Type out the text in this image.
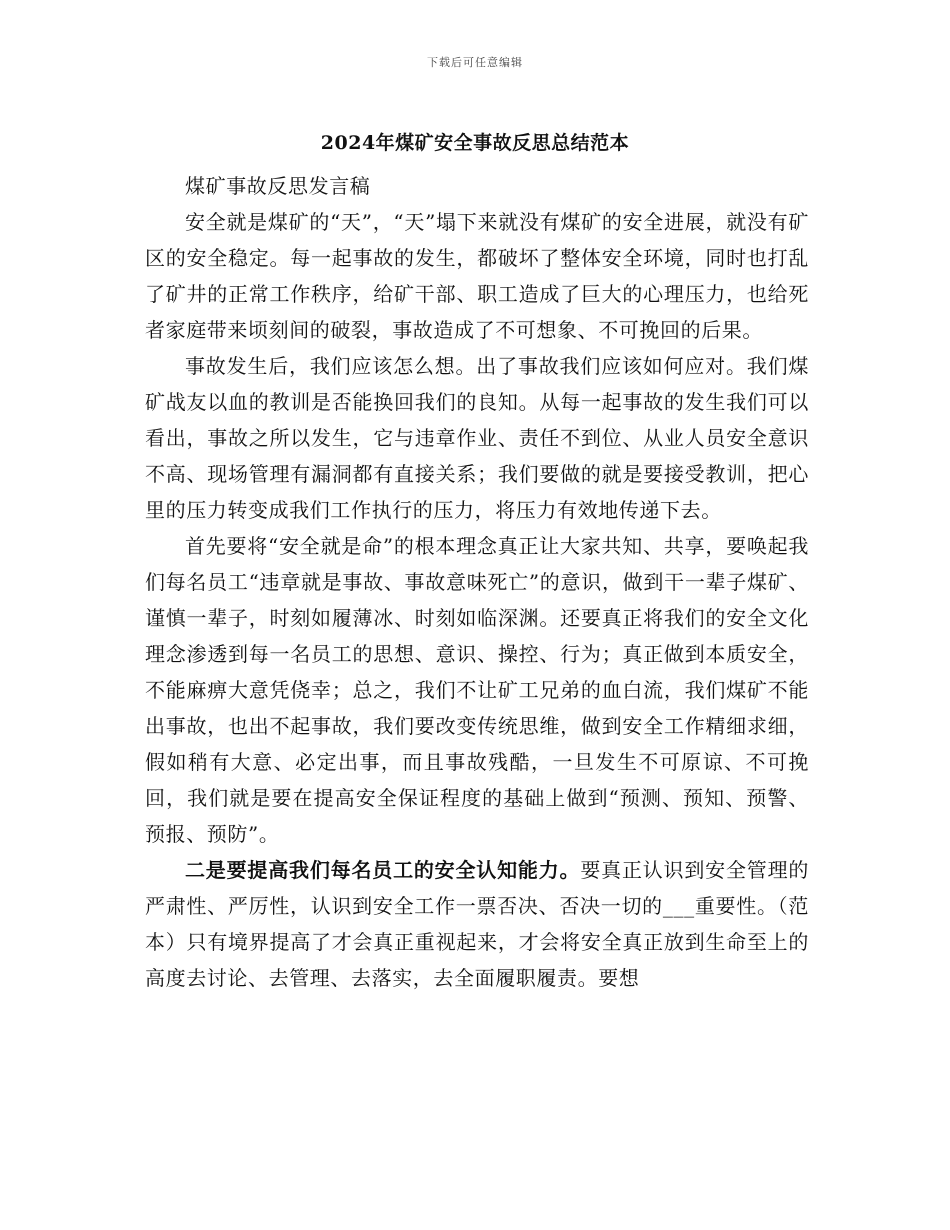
下载后可任意编辑
2024年煤矿安全事故反思总结范本

煤矿事故反思发言稿

安全就是煤矿的“天”，“天”塌下来就没有煤矿的安全进展，就没有矿区的安全稳定。每一起事故的发生，都破坏了整体安全环境，同时也打乱了矿井的正常工作秩序，给矿干部、职工造成了巨大的心理压力，也给死者家庭带来顷刻间的破裂，事故造成了不可想象、不可挽回的后果。

事故发生后，我们应该怎么想。出了事故我们应该如何应对。我们煤矿战友以血的教训是否能换回我们的良知。从每一起事故的发生我们可以看出，事故之所以发生，它与违章作业、责任不到位、从业人员安全意识不高、现场管理有漏洞都有直接关系；我们要做的就是要接受教训，把心里的压力转变成我们工作执行的压力，将压力有效地传递下去。

首先要将“安全就是命”的根本理念真正让大家共知、共享，要唤起我们每名员工“违章就是事故、事故意味死亡”的意识，做到干一辈子煤矿、谨慎一辈子，时刻如履薄冰、时刻如临深渊。还要真正将我们的安全文化理念渗透到每一名员工的思想、意识、操控、行为；真正做到本质安全，不能麻痹大意凭侥幸；总之，我们不让矿工兄弟的血白流，我们煤矿不能出事故，也出不起事故，我们要改变传统思维，做到安全工作精细求细，假如稍有大意、必定出事，而且事故残酷，一旦发生不可原谅、不可挽回，我们就是要在提高安全保证程度的基础上做到“预测、预知、预警、预报、预防”。

二是要提高我们每名员工的安全认知能力。要真正认识到安全管理的严肃性、严厉性，认识到安全工作一票否决、否决一切的___重要性。（范本）只有境界提高了才会真正重视起来，才会将安全真正放到生命至上的高度去讨论、去管理、去落实，去全面履职履责。要想
